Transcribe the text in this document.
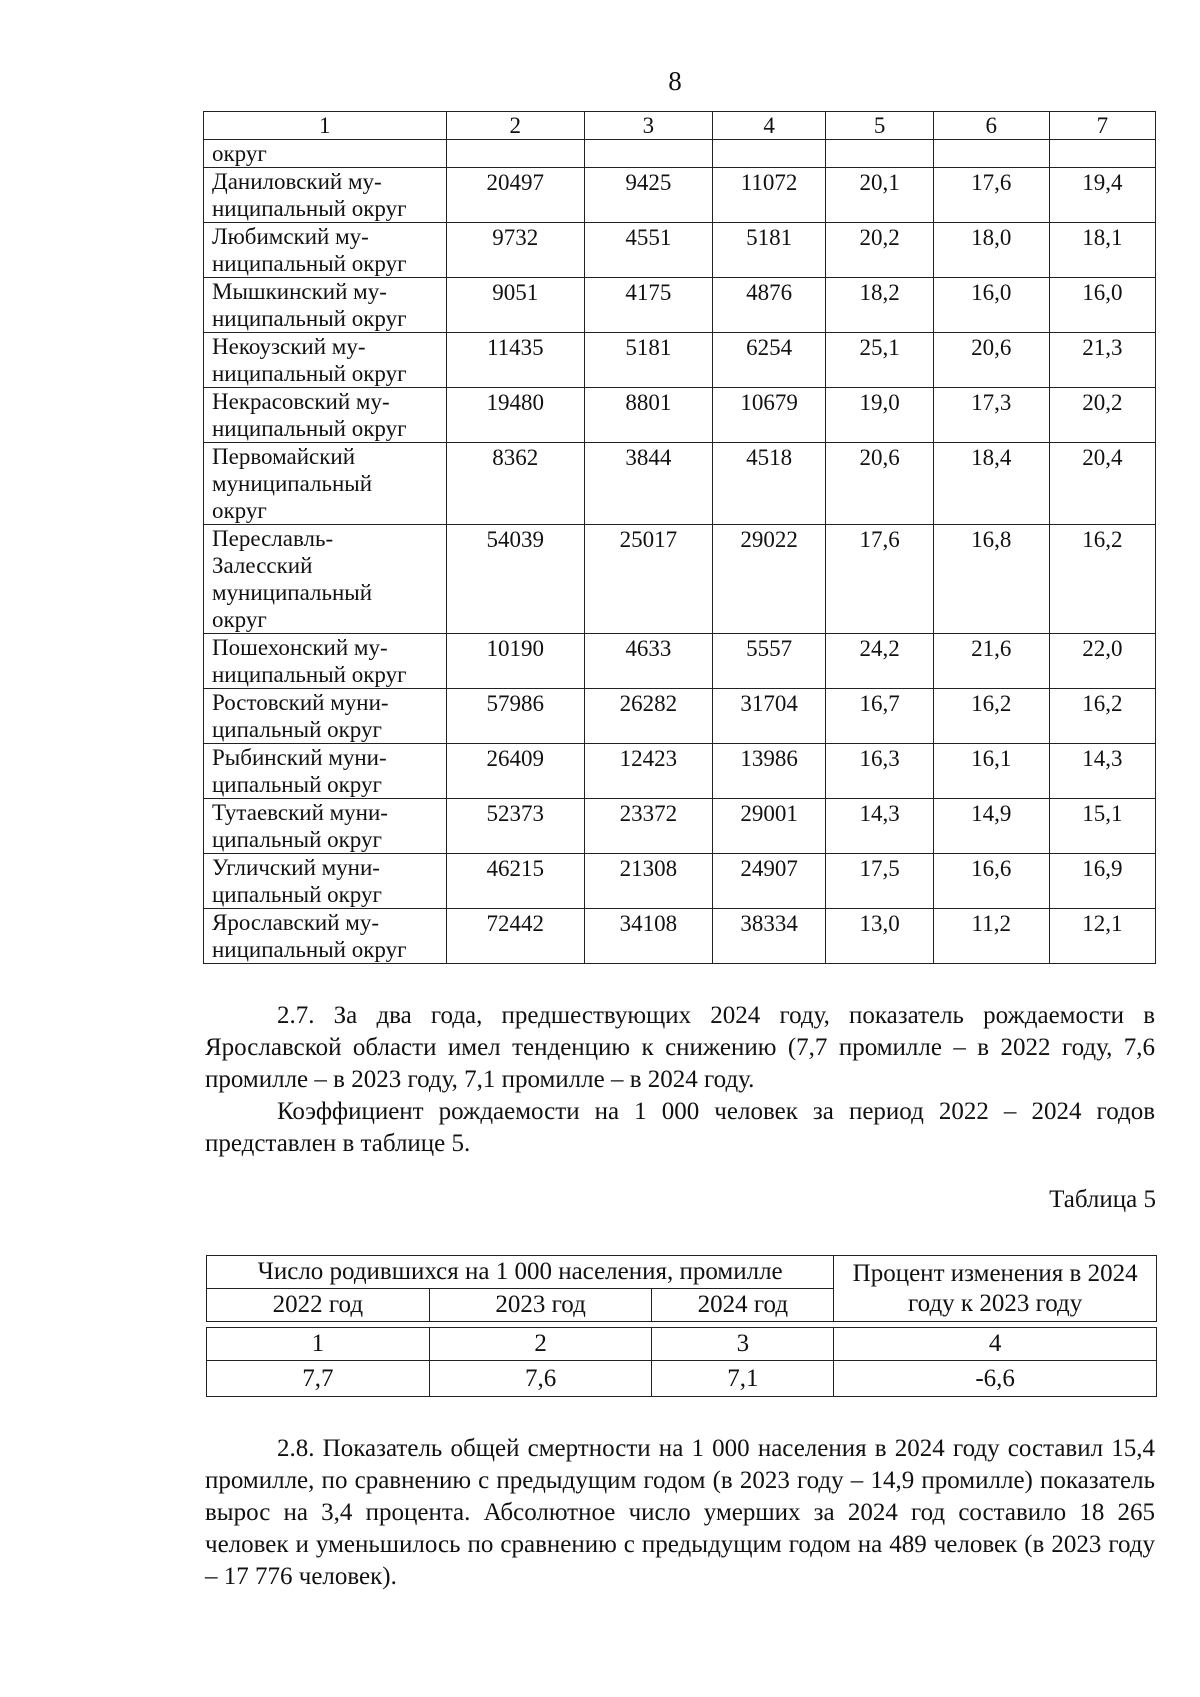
8
1	2	3	4	5	6	7
округ						

Даниловский му-
ниципальный округ	20497	9425	11072	20,1	17,6	19,4

Любимский му-
ниципальный округ	9732	4551	5181	20,2	18,0	18,1

Мышкинский му-
ниципальный округ	9051	4175	4876	18,2	16,0	16,0

Некоузский му-
ниципальный округ	11435	5181	6254	25,1	20,6	21,3

Некрасовский му-
ниципальный округ	19480	8801	10679	19,0	17,3	20,2

Первомайский
муниципальный
округ	8362	3844	4518	20,6	18,4	20,4

Переславль-
Залесский
муниципальный
округ	54039	25017	29022	17,6	16,8	16,2

Пошехонский му-
ниципальный округ	10190	4633	5557	24,2	21,6	22,0

Ростовский муни-
ципальный округ	57986	26282	31704	16,7	16,2	16,2

Рыбинский муни-
ципальный округ	26409	12423	13986	16,3	16,1	14,3

Тутаевский муни-
ципальный округ	52373	23372	29001	14,3	14,9	15,1

Угличский муни-
ципальный округ	46215	21308	24907	17,5	16,6	16,9

Ярославский му-
ниципальный округ	72442	34108	38334	13,0	11,2	12,1

2.7. За два года, предшествующих 2024 году, показатель рождаемости в Ярославской области имел тенденцию к снижению (7,7 промилле – в 2022 году, 7,6 промилле – в 2023 году, 7,1 промилле – в 2024 году.

Коэффициент рождаемости на 1 000 человек за период 2022 – 2024 годов представлен в таблице 5.

Таблица 5
Число родившихся на 1 000 населения, промилле			Процент изменения в 2024 году к 2023 году
2022 год	2023 год	2024 год	

1	2	3	4
7,7	7,6	7,1	-6,6

2.8. Показатель общей смертности на 1 000 населения в 2024 году составил 15,4 промилле, по сравнению с предыдущим годом (в 2023 году – 14,9 промилле) показатель вырос на 3,4 процента. Абсолютное число умерших за 2024 год составило 18 265 человек и уменьшилось по сравнению с предыдущим годом на 489 человек (в 2023 году – 17 776 человек).
